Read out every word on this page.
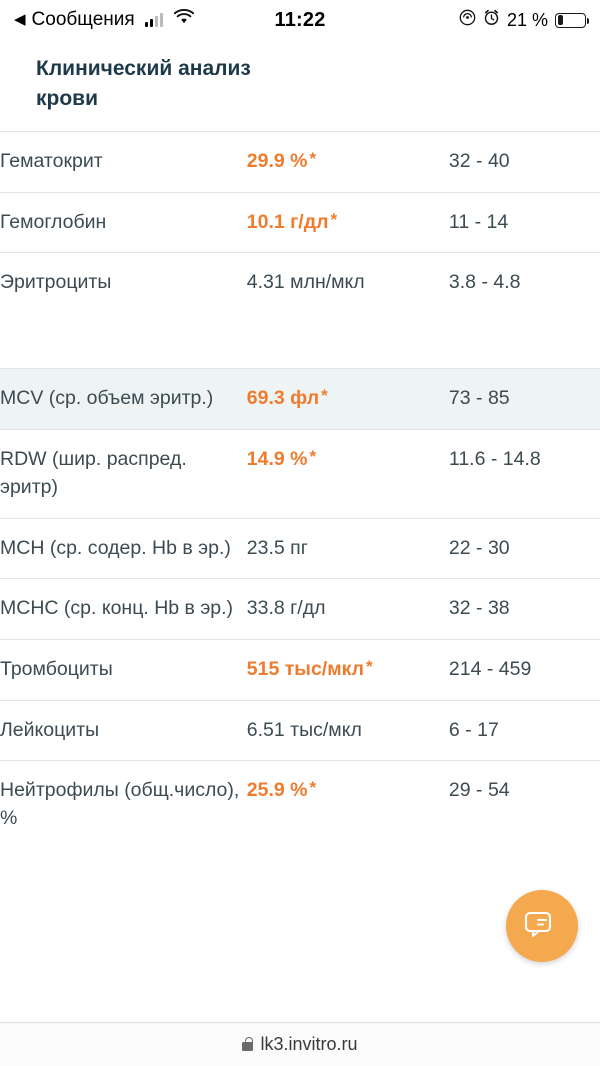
◀ Сообщения	11:22	21 %
Клинический анализ крови
Гематокрит	29.9 % *	32 - 40
Гемоглобин	10.1 г/дл *	11 - 14
Эритроциты	4.31 млн/мкл	3.8 - 4.8

MCV (ср. объем эритр.)	69.3 фл *	73 - 85
RDW (шир. распред. эритр)	14.9 % *	11.6 - 14.8
MCH (ср. содер. Hb в эр.)	23.5 пг	22 - 30
MCHC (ср. конц. Hb в эр.)	33.8 г/дл	32 - 38
Тромбоциты	515 тыс/мкл *	214 - 459
Лейкоциты	6.51 тыс/мкл	6 - 17
Нейтрофилы (общ.число), %	25.9 % *	29 - 54
lk3.invitro.ru
